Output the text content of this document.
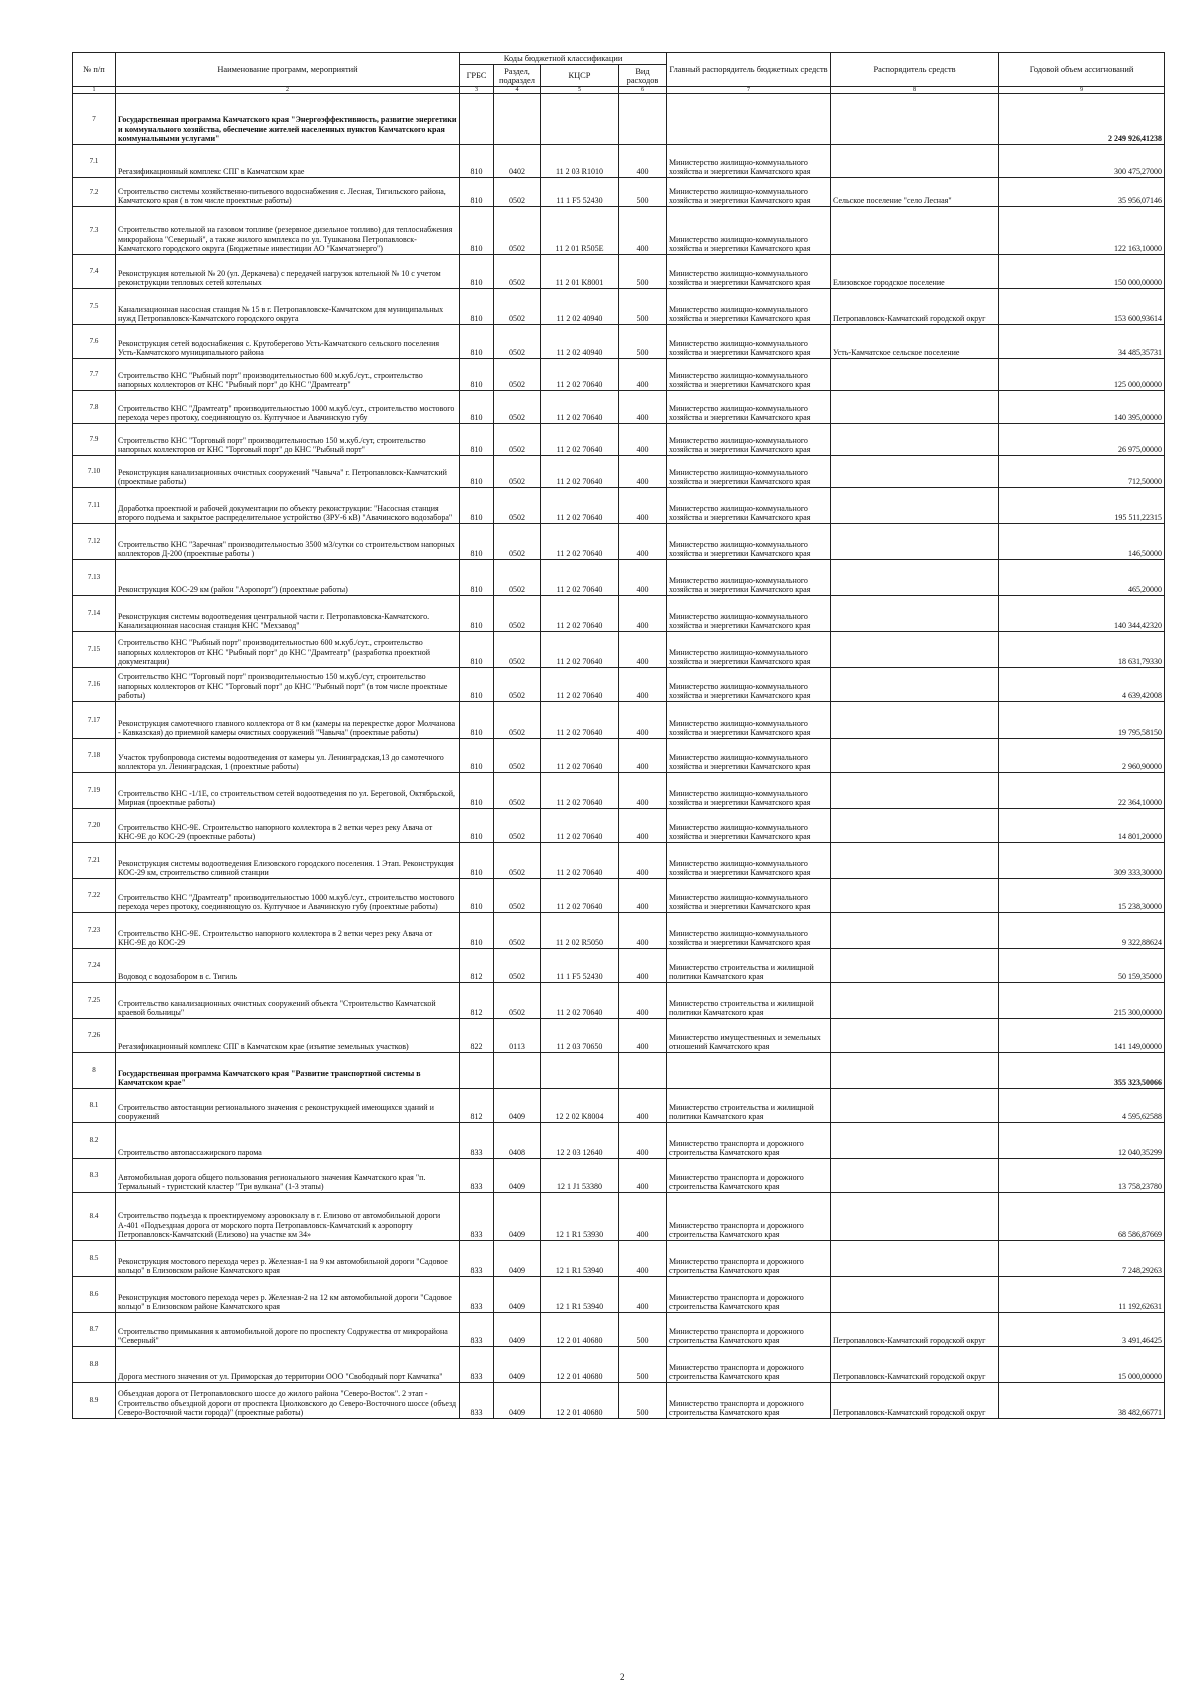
№ п/п	Наименование программ, мероприятий	Коды бюджетной классификации				Главный распорядитель бюджетных средств	Распорядитель средств	Годовой объем ассигнований
		ГРБС	Раздел, подраздел	КЦСР	Вид расходов			
1	2	3	4	5	6	7	8	9
7	Государственная программа Камчатского края "Энергоэффективность, развитие энергетики и коммунального хозяйства, обеспечение жителей населенных пунктов Камчатского края коммунальными услугами"							2 249 926,41238
7.1	Регазификационный комплекс СПГ в Камчатском крае	810	0402	11 2 03 R1010	400	Министерство жилищно-коммунального хозяйства и энергетики Камчатского края		300 475,27000
7.2	Строительство системы хозяйственно-питьевого водоснабжения с. Лесная, Тигильского района, Камчатского края ( в том числе проектные работы)	810	0502	11 1 F5 52430	500	Министерство жилищно-коммунального хозяйства и энергетики Камчатского края	Сельское поселение "село Лесная"	35 956,07146
7.3	Строительство котельной на газовом топливе (резервное дизельное топливо) для теплоснабжения микрорайона "Северный", а также жилого комплекса по ул. Тушканова Петропавловск-Камчатского городского округа (Бюджетные инвестиции АО "Камчатэнерго")	810	0502	11 2 01 R505E	400	Министерство жилищно-коммунального хозяйства и энергетики Камчатского края		122 163,10000
7.4	Реконструкция котельной № 20 (ул. Деркачева) с передачей нагрузок котельной № 10 с учетом реконструкции тепловых сетей котельных	810	0502	11 2 01 K8001	500	Министерство жилищно-коммунального хозяйства и энергетики Камчатского края	Елизовское городское поселение	150 000,00000
7.5	Канализационная насосная станция № 15 в г. Петропавловске-Камчатском для муниципальных нужд Петропавловск-Камчатского городского округа	810	0502	11 2 02 40940	500	Министерство жилищно-коммунального хозяйства и энергетики Камчатского края	Петропавловск-Камчатский городской округ	153 600,93614
7.6	Реконструкция сетей водоснабжения с. Крутоберегово Усть-Камчатского сельского поселения Усть-Камчатского муниципального района	810	0502	11 2 02 40940	500	Министерство жилищно-коммунального хозяйства и энергетики Камчатского края	Усть-Камчатское сельское поселение	34 485,35731
7.7	Строительство КНС "Рыбный порт" производительностью 600 м.куб./сут., строительство напорных коллекторов от КНС "Рыбный порт" до КНС "Драмтеатр"	810	0502	11 2 02 70640	400	Министерство жилищно-коммунального хозяйства и энергетики Камчатского края		125 000,00000
7.8	Строительство КНС "Драмтеатр" производительностью 1000 м.куб./сут., строительство мостового перехода через протоку, соединяющую оз. Култучное и Авачинскую губу	810	0502	11 2 02 70640	400	Министерство жилищно-коммунального хозяйства и энергетики Камчатского края		140 395,00000
7.9	Строительство КНС "Торговый порт" производительностью 150 м.куб./сут, строительство напорных коллекторов от КНС "Торговый порт" до КНС "Рыбный порт"	810	0502	11 2 02 70640	400	Министерство жилищно-коммунального хозяйства и энергетики Камчатского края		26 975,00000
7.10	Реконструкция канализационных очистных сооружений "Чавыча" г. Петропавловск-Камчатский (проектные работы)	810	0502	11 2 02 70640	400	Министерство жилищно-коммунального хозяйства и энергетики Камчатского края		712,50000
7.11	Доработка проектной и рабочей документации по объекту реконструкции: "Насосная станция второго подъема и закрытое распределительное устройство (ЗРУ-6 кВ) "Авачинского водозабора"	810	0502	11 2 02 70640	400	Министерство жилищно-коммунального хозяйства и энергетики Камчатского края		195 511,22315
7.12	Строительство КНС "Заречная" производительностью 3500 м3/сутки со строительством напорных коллекторов Д-200 (проектные работы )	810	0502	11 2 02 70640	400	Министерство жилищно-коммунального хозяйства и энергетики Камчатского края		146,50000
7.13	Реконструкция КОС-29 км (район "Аэропорт") (проектные работы)	810	0502	11 2 02 70640	400	Министерство жилищно-коммунального хозяйства и энергетики Камчатского края		465,20000
7.14	Реконструкция системы водоотведения центральной части г. Петропавловска-Камчатского. Канализационная насосная станция КНС "Мехзавод"	810	0502	11 2 02 70640	400	Министерство жилищно-коммунального хозяйства и энергетики Камчатского края		140 344,42320
7.15	Строительство КНС "Рыбный порт" производительностью 600 м.куб./сут., строительство напорных коллекторов от КНС "Рыбный порт" до КНС "Драмтеатр" (разработка проектной документации)	810	0502	11 2 02 70640	400	Министерство жилищно-коммунального хозяйства и энергетики Камчатского края		18 631,79330
7.16	Строительство КНС "Торговый порт" производительностью 150 м.куб./сут, строительство напорных коллекторов от КНС "Торговый порт" до КНС "Рыбный порт" (в том числе проектные работы)	810	0502	11 2 02 70640	400	Министерство жилищно-коммунального хозяйства и энергетики Камчатского края		4 639,42008
7.17	Реконструкция самотечного главного коллектора от 8 км (камеры на перекрестке дорог Молчанова - Кавказская) до приемной камеры очистных сооружений "Чавыча" (проектные работы)	810	0502	11 2 02 70640	400	Министерство жилищно-коммунального хозяйства и энергетики Камчатского края		19 795,58150
7.18	Участок трубопровода системы водоотведения от камеры ул. Ленинградская,13 до самотечного коллектора ул. Ленинградская, 1 (проектные работы)	810	0502	11 2 02 70640	400	Министерство жилищно-коммунального хозяйства и энергетики Камчатского края		2 960,90000
7.19	Строительство КНС -1/1Е, со строительством сетей водоотведения по ул. Береговой, Октябрьской, Мирная (проектные работы)	810	0502	11 2 02 70640	400	Министерство жилищно-коммунального хозяйства и энергетики Камчатского края		22 364,10000
7.20	Строительство КНС-9Е. Строительство напорного коллектора в 2 ветки через реку Авача от КНС-9Е до КОС-29 (проектные работы)	810	0502	11 2 02 70640	400	Министерство жилищно-коммунального хозяйства и энергетики Камчатского края		14 801,20000
7.21	Реконструкция системы водоотведения Елизовского городского поселения. 1 Этап. Реконструкция КОС-29 км, строительство сливной станции	810	0502	11 2 02 70640	400	Министерство жилищно-коммунального хозяйства и энергетики Камчатского края		309 333,30000
7.22	Строительство КНС "Драмтеатр" производительностью 1000 м.куб./сут., строительство мостового перехода через протоку, соединяющую оз. Култучное и Авачинскую губу (проектные работы)	810	0502	11 2 02 70640	400	Министерство жилищно-коммунального хозяйства и энергетики Камчатского края		15 238,30000
7.23	Строительство КНС-9Е. Строительство напорного коллектора в 2 ветки через реку Авача от КНС-9Е до КОС-29	810	0502	11 2 02 R5050	400	Министерство жилищно-коммунального хозяйства и энергетики Камчатского края		9 322,88624
7.24	Водовод с водозабором в с. Тигиль	812	0502	11 1 F5 52430	400	Министерство строительства и жилищной политики Камчатского края		50 159,35000
7.25	Строительство канализационных очистных сооружений объекта "Строительство Камчатской краевой больницы"	812	0502	11 2 02 70640	400	Министерство строительства и жилищной политики Камчатского края		215 300,00000
7.26	Регазификационный комплекс СПГ в Камчатском крае (изъятие земельных участков)	822	0113	11 2 03 70650	400	Министерство имущественных и земельных отношений Камчатского края		141 149,00000
8	Государственная программа Камчатского края "Развитие транспортной системы в Камчатском крае"							355 323,50066
8.1	Строительство автостанции регионального значения с реконструкцией имеющихся зданий и сооружений	812	0409	12 2 02 K8004	400	Министерство строительства и жилищной политики Камчатского края		4 595,62588
8.2	Строительство автопассажирского парома	833	0408	12 2 03 12640	400	Министерство транспорта и дорожного строительства Камчатского края		12 040,35299
8.3	Автомобильная дорога общего пользования регионального значения Камчатского края "п. Термальный - туристский кластер "Три вулкана" (1-3 этапы)	833	0409	12 1 J1 53380	400	Министерство транспорта и дорожного строительства Камчатского края		13 758,23780
8.4	Строительство подъезда к проектируемому аэровокзалу в г. Елизово от автомобильной дороги А-401 «Подъездная дорога от морского порта Петропавловск-Камчатский к аэропорту Петропавловск-Камчатский (Елизово) на участке км 34»	833	0409	12 1 R1 53930	400	Министерство транспорта и дорожного строительства Камчатского края		68 586,87669
8.5	Реконструкция мостового перехода через р. Железная-1 на 9 км автомобильной дороги "Садовое кольцо" в Елизовском районе Камчатского края	833	0409	12 1 R1 53940	400	Министерство транспорта и дорожного строительства Камчатского края		7 248,29263
8.6	Реконструкция мостового перехода через р. Железная-2 на 12 км автомобильной дороги "Садовое кольцо" в Елизовском районе Камчатского края	833	0409	12 1 R1 53940	400	Министерство транспорта и дорожного строительства Камчатского края		11 192,62631
8.7	Строительство примыкания к автомобильной дороге по проспекту Содружества от микрорайона "Северный"	833	0409	12 2 01 40680	500	Министерство транспорта и дорожного строительства Камчатского края	Петропавловск-Камчатский городской округ	3 491,46425
8.8	Дорога местного значения от ул. Приморская до территории ООО "Свободный порт Камчатка"	833	0409	12 2 01 40680	500	Министерство транспорта и дорожного строительства Камчатского края	Петропавловск-Камчатский городской округ	15 000,00000
8.9	Объездная дорога от Петропавловского шоссе до жилого района "Северо-Восток". 2 этап - Строительство объездной дороги от проспекта Циолковского до Северо-Восточного шоссе (объезд Северо-Восточной части города)" (проектные работы)	833	0409	12 2 01 40680	500	Министерство транспорта и дорожного строительства Камчатского края	Петропавловск-Камчатский городской округ	38 482,66771
2
